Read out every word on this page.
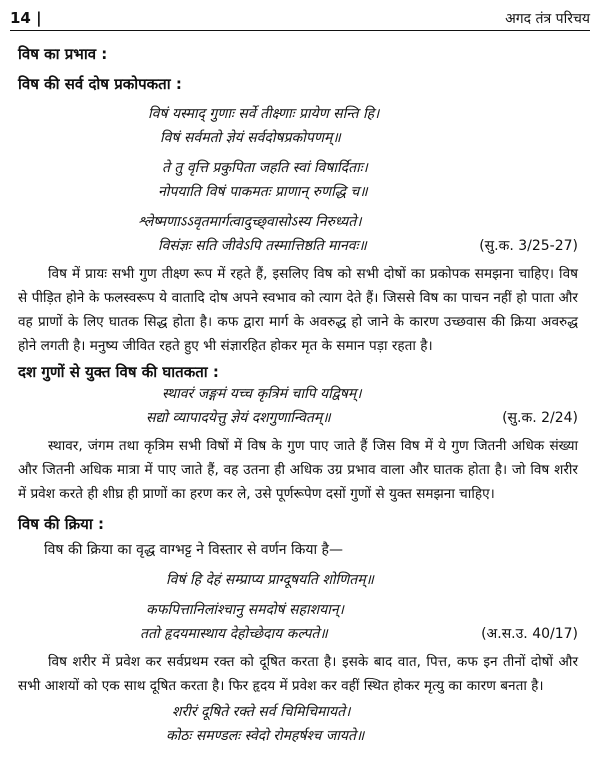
14 |	अगद तंत्र परिचय
विष का प्रभाव :
विष की सर्व दोष प्रकोपकता :
विषं यस्माद् गुणाः सर्वे तीक्ष्णाः प्रायेण सन्ति हि।
विषं सर्वमतो ज्ञेयं सर्वदोषप्रकोपणम्॥
ते तु वृत्ति प्रकुपिता जहति स्वां विषार्दिताः।
नोपयाति विषं पाकमतः प्राणान् रुणद्धि च॥
श्लेष्मणाऽऽवृतमार्गत्वादुच्छ्‌वासोऽस्य निरुध्यते।
विसंज्ञः सति जीवेऽपि तस्मात्तिष्ठति मानवः॥	(सु.क. 3/25-27)
विष में प्रायः सभी गुण तीक्ष्ण रूप में रहते हैं, इसलिए विष को सभी दोषों का प्रकोपक समझना चाहिए। विष से पीड़ित होने के फलस्वरूप ये वातादि दोष अपने स्वभाव को त्याग देते हैं। जिससे विष का पाचन नहीं हो पाता और वह प्राणों के लिए घातक सिद्ध होता है। कफ द्वारा मार्ग के अवरुद्ध हो जाने के कारण उच्छवास की क्रिया अवरुद्ध होने लगती है। मनुष्य जीवित रहते हुए भी संज्ञारहित होकर मृत के समान पड़ा रहता है।
दश गुणों से युक्त विष की घातकता :
स्थावरं जङ्गमं यच्च कृत्रिमं चापि यद्विषम्।
सद्यो व्यापादयेत्तु ज्ञेयं दशगुणान्वितम्॥	(सु.क. 2/24)
स्थावर, जंगम तथा कृत्रिम सभी विषों में विष के गुण पाए जाते हैं जिस विष में ये गुण जितनी अधिक संख्या और जितनी अधिक मात्रा में पाए जाते हैं, वह उतना ही अधिक उग्र प्रभाव वाला और घातक होता है। जो विष शरीर में प्रवेश करते ही शीघ्र ही प्राणों का हरण कर ले, उसे पूर्णरूपेण दसों गुणों से युक्त समझना चाहिए।
विष की क्रिया :
विष की क्रिया का वृद्ध वाग्भट्ट ने विस्तार से वर्णन किया है—
विषं हि देहं सम्प्राप्य प्राग्दूषयति शोणितम्॥
कफपित्तानिलांश्चानु समदोषं सहाशयान्।
ततो हृदयमास्थाय देहोच्छेदाय कल्पते॥	(अ.स.उ. 40/17)
विष शरीर में प्रवेश कर सर्वप्रथम रक्त को दूषित करता है। इसके बाद वात, पित्त, कफ इन तीनों दोषों और सभी आशयों को एक साथ दूषित करता है। फिर हृदय में प्रवेश कर वहीं स्थित होकर मृत्यु का कारण बनता है।
शरीरं दूषिते रक्ते सर्व चिमिचिमायते।
कोठः समण्डलः स्वेदो रोमहर्षश्च जायते॥
